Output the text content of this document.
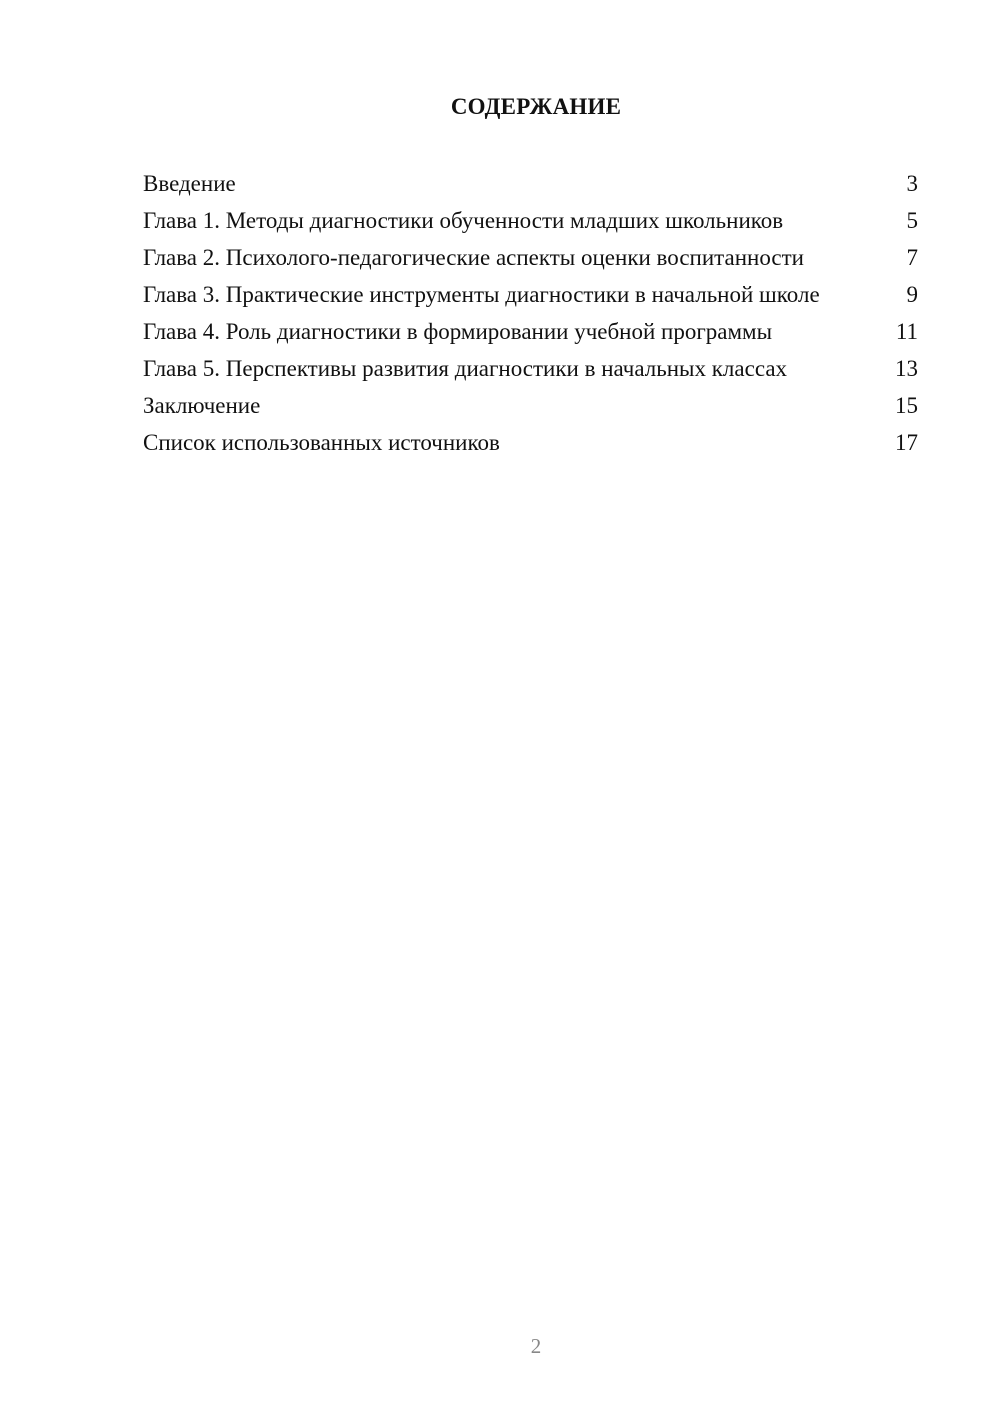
СОДЕРЖАНИЕ
Введение	3
Глава 1. Методы диагностики обученности младших школьников	5
Глава 2. Психолого-педагогические аспекты оценки воспитанности	7
Глава 3. Практические инструменты диагностики в начальной школе	9
Глава 4. Роль диагностики в формировании учебной программы	11
Глава 5. Перспективы развития диагностики в начальных классах	13
Заключение	15
Список использованных источников	17
2
